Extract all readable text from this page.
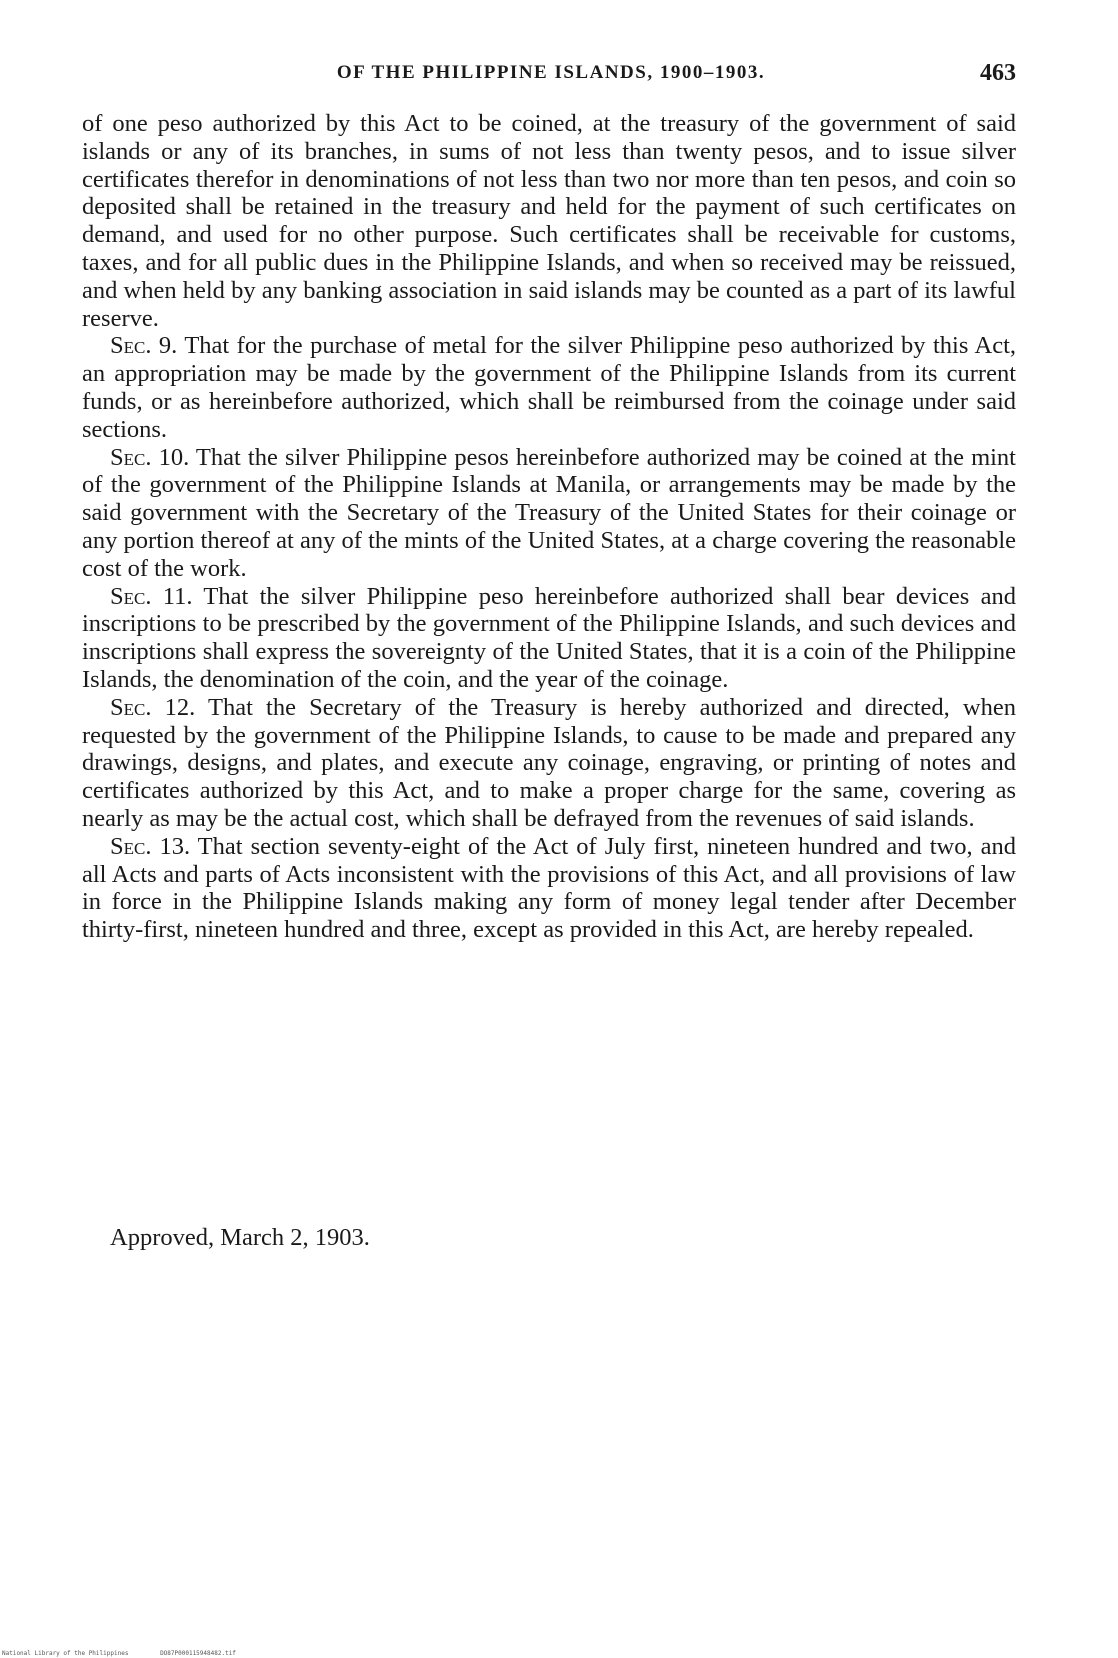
OF THE PHILIPPINE ISLANDS, 1900–1903.	463

of one peso authorized by this Act to be coined, at the treasury of the government of said islands or any of its branches, in sums of not less than twenty pesos, and to issue silver certificates therefor in denominations of not less than two nor more than ten pesos, and coin so deposited shall be retained in the treasury and held for the payment of such certificates on demand, and used for no other purpose. Such certificates shall be receivable for customs, taxes, and for all public dues in the Philippine Islands, and when so received may be reissued, and when held by any banking association in said islands may be counted as a part of its lawful reserve.

Sec. 9. That for the purchase of metal for the silver Philippine peso authorized by this Act, an appropriation may be made by the government of the Philippine Islands from its current funds, or as hereinbefore authorized, which shall be reimbursed from the coinage under said sections.

Sec. 10. That the silver Philippine pesos hereinbefore authorized may be coined at the mint of the government of the Philippine Islands at Manila, or arrangements may be made by the said government with the Secretary of the Treasury of the United States for their coinage or any portion thereof at any of the mints of the United States, at a charge covering the reasonable cost of the work.

Sec. 11. That the silver Philippine peso hereinbefore authorized shall bear devices and inscriptions to be prescribed by the government of the Philippine Islands, and such devices and inscriptions shall express the sovereignty of the United States, that it is a coin of the Philippine Islands, the denomination of the coin, and the year of the coinage.

Sec. 12. That the Secretary of the Treasury is hereby authorized and directed, when requested by the government of the Philippine Islands, to cause to be made and prepared any drawings, designs, and plates, and execute any coinage, engraving, or printing of notes and certificates authorized by this Act, and to make a proper charge for the same, covering as nearly as may be the actual cost, which shall be defrayed from the revenues of said islands.

Sec. 13. That section seventy-eight of the Act of July first, nineteen hundred and two, and all Acts and parts of Acts inconsistent with the provisions of this Act, and all provisions of law in force in the Philippine Islands making any form of money legal tender after December thirty-first, nineteen hundred and three, except as provided in this Act, are hereby repealed.

Approved, March 2, 1903.
National Library of the Philippines	DO87P000115948482.tif
